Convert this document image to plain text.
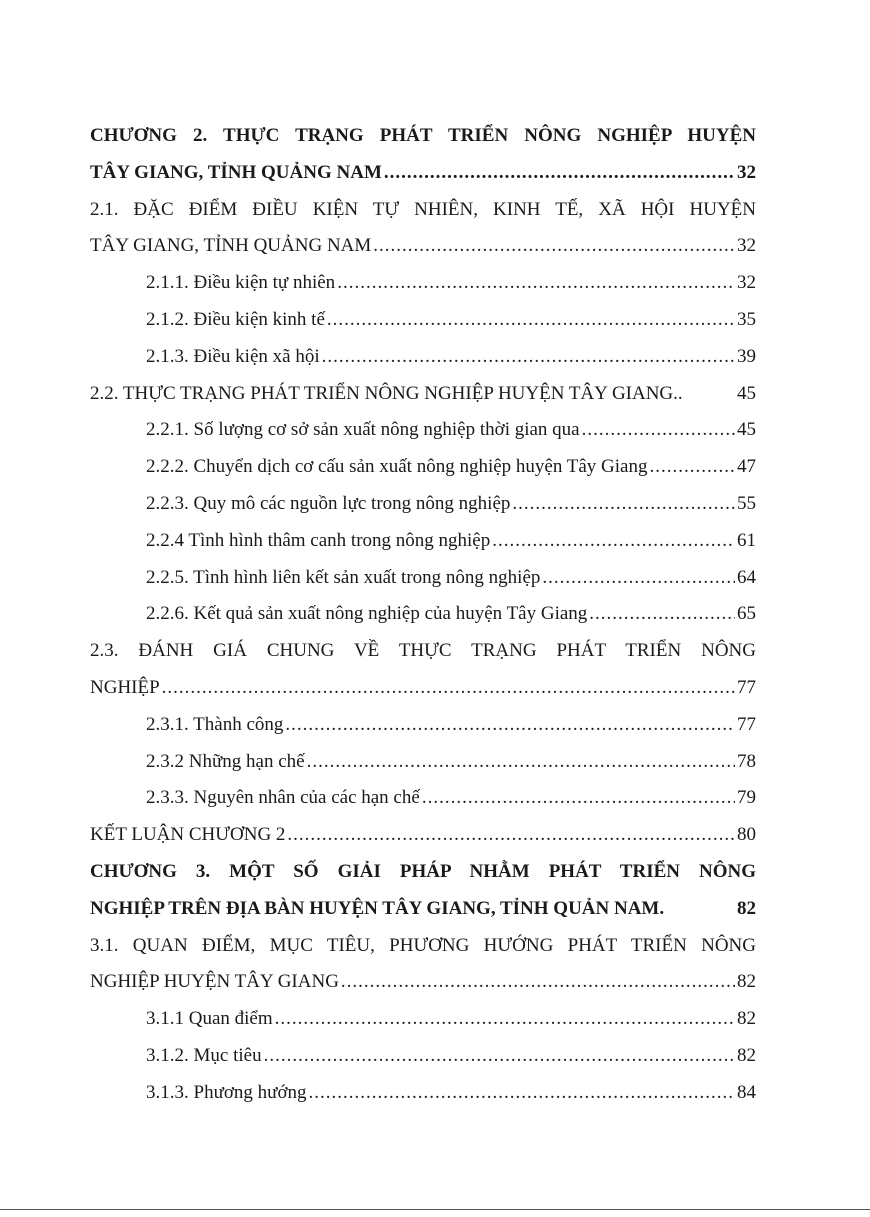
CHƯƠNG 2. THỰC TRẠNG PHÁT TRIỂN NÔNG NGHIỆP HUYỆN
TÂY GIANG, TỈNH QUẢNG NAM .....	32
2.1. ĐẶC ĐIỂM ĐIỀU KIỆN TỰ NHIÊN, KINH TẾ, XÃ HỘI HUYỆN
TÂY GIANG, TỈNH QUẢNG NAM .....	32
2.1.1. Điều kiện tự nhiên .....	32
2.1.2. Điều kiện kinh tế .....	35
2.1.3. Điều kiện xã hội .....	39
2.2. THỰC TRẠNG PHÁT TRIỂN NÔNG NGHIỆP HUYỆN TÂY GIANG..	45
2.2.1. Số lượng cơ sở sản xuất nông nghiệp thời gian qua .....	45
2.2.2. Chuyển dịch cơ cấu sản xuất nông nghiệp huyện Tây Giang .....	47
2.2.3. Quy mô các nguồn lực trong nông nghiệp .....	55
2.2.4 Tình hình thâm canh trong nông nghiệp .....	61
2.2.5. Tình hình liên kết sản xuất trong nông nghiệp .....	64
2.2.6. Kết quả sản xuất nông nghiệp của huyện Tây Giang .....	65
2.3. ĐÁNH GIÁ CHUNG VỀ THỰC TRẠNG PHÁT TRIỂN NÔNG
NGHIỆP .....	77
2.3.1. Thành công .....	77
2.3.2 Những hạn chế .....	78
2.3.3. Nguyên nhân của các hạn chế .....	79
KẾT LUẬN CHƯƠNG 2 .....	80
CHƯƠNG 3. MỘT SỐ GIẢI PHÁP NHẰM PHÁT TRIỂN NÔNG
NGHIỆP TRÊN ĐỊA BÀN HUYỆN TÂY GIANG, TỈNH QUẢN NAM.	82
3.1. QUAN ĐIỂM, MỤC TIÊU, PHƯƠNG HƯỚNG PHÁT TRIỂN NÔNG
NGHIỆP HUYỆN TÂY GIANG .....	82
3.1.1 Quan điểm .....	82
3.1.2. Mục tiêu .....	82
3.1.3. Phương hướng .....	84
